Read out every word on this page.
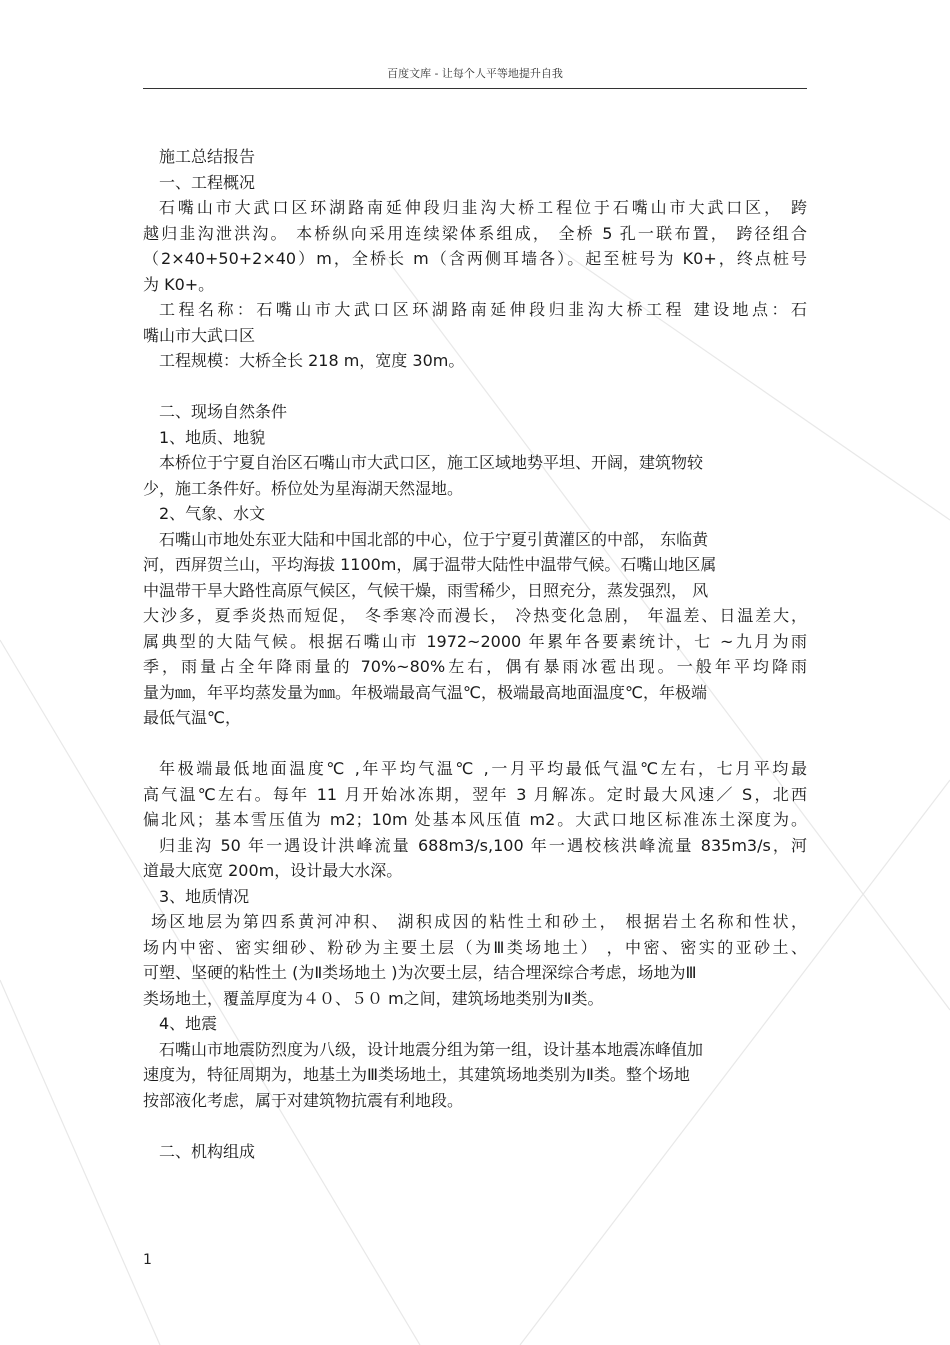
百度文库 - 让每个人平等地提升自我
施工总结报告
一、工程概况
石嘴山市大武口区环湖路南延伸段归韭沟大桥工程位于石嘴山市大武口区， 跨
越归韭沟泄洪沟。 本桥纵向采用连续梁体系组成， 全桥 5 孔一联布置， 跨径组合
（2×40+50+2×40）m，全桥长 m（含两侧耳墙各）。起至桩号为 K0+，终点桩号
为 K0+。
工程名称：石嘴山市大武口区环湖路南延伸段归韭沟大桥工程 建设地点：石
嘴山市大武口区
工程规模：大桥全长 218 m，宽度 30m。
二、现场自然条件
1、地质、地貌
本桥位于宁夏自治区石嘴山市大武口区，施工区域地势平坦、开阔，建筑物较
少，施工条件好。桥位处为星海湖天然湿地。
2、气象、水文
石嘴山市地处东亚大陆和中国北部的中心，位于宁夏引黄灌区的中部， 东临黄
河，西屏贺兰山，平均海拔 1100m，属于温带大陆性中温带气候。石嘴山地区属
中温带干旱大路性高原气候区，气候干燥，雨雪稀少，日照充分，蒸发强烈， 风
大沙多，夏季炎热而短促， 冬季寒冷而漫长， 冷热变化急剧， 年温差、日温差大，
属典型的大陆气候。根据石嘴山市 1972~2000 年累年各要素统计，七 ~九月为雨
季，雨量占全年降雨量的 70%~80%左右，偶有暴雨冰雹出现。一般年平均降雨
量为㎜，年平均蒸发量为㎜。年极端最高气温℃，极端最高地面温度℃，年极端
最低气温℃，
年极端最低地面温度℃ ,年平均气温℃ ,一月平均最低气温℃左右，七月平均最
高气温℃左右。每年 11 月开始冰冻期，翌年 3 月解冻。定时最大风速／ S，北西
偏北风；基本雪压值为 m2；10m 处基本风压值 m2。大武口地区标准冻土深度为。
归韭沟 50 年一遇设计洪峰流量 688m3/s,100 年一遇校核洪峰流量 835m3/s，河
道最大底宽 200m，设计最大水深。
3、地质情况
场区地层为第四系黄河冲积、 湖积成因的粘性土和砂土， 根据岩土名称和性状，
场内中密、密实细砂、粉砂为主要土层（为Ⅲ类场地土） ，中密、密实的亚砂土、
可塑、坚硬的粘性土 (为Ⅱ类场地土 )为次要土层，结合埋深综合考虑，场地为Ⅲ
类场地土，覆盖厚度为４０、５０ m之间，建筑场地类别为Ⅱ类。
4、地震
石嘴山市地震防烈度为八级，设计地震分组为第一组，设计基本地震冻峰值加
速度为，特征周期为，地基土为Ⅲ类场地土，其建筑场地类别为Ⅱ类。整个场地
按部液化考虑，属于对建筑物抗震有利地段。
二、机构组成
1
